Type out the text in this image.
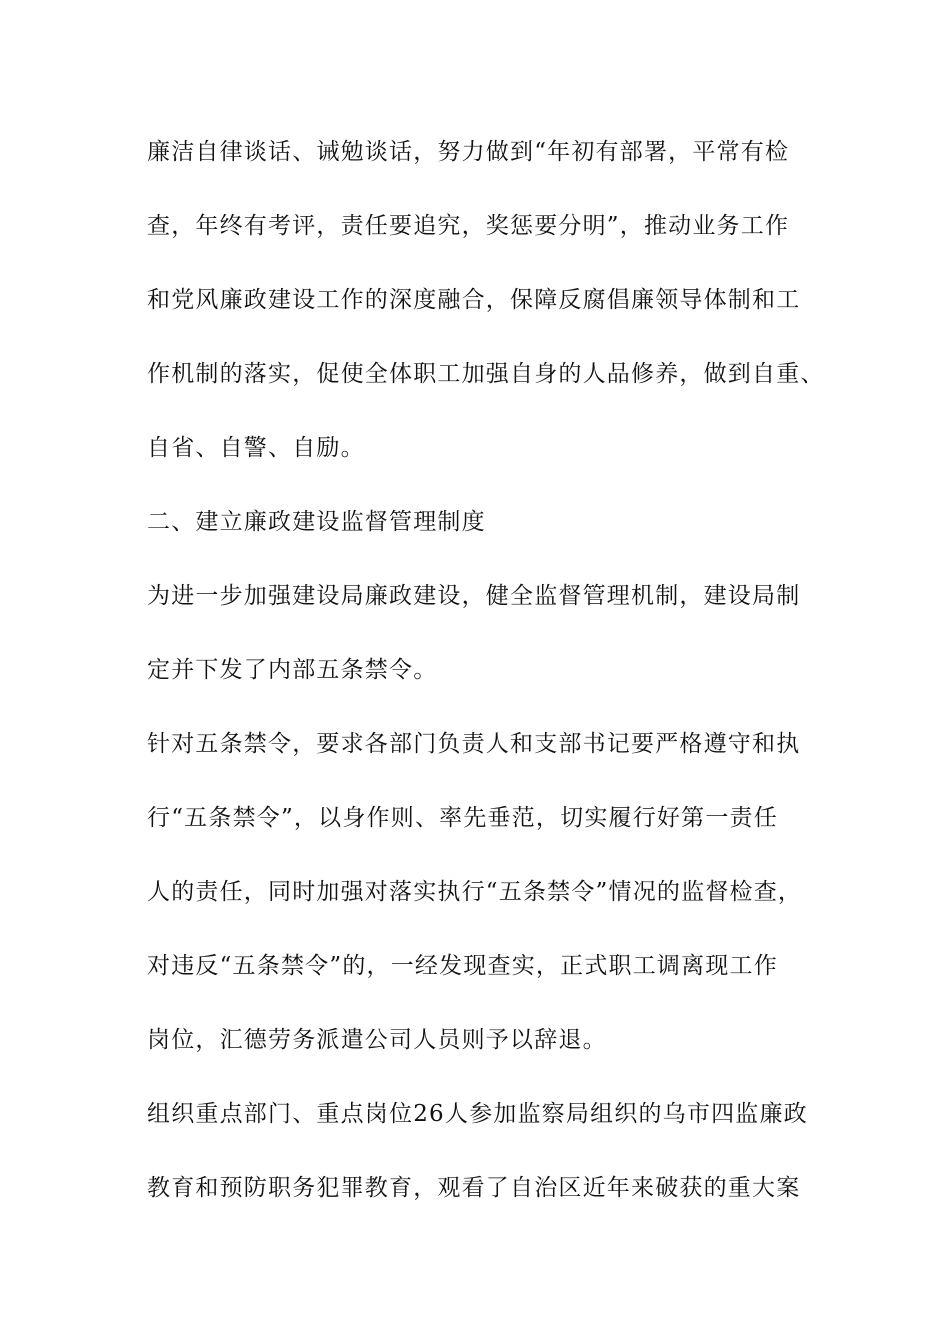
廉洁自律谈话、诫勉谈话，努力做到“年初有部署，平常有检
查，年终有考评，责任要追究，奖惩要分明”，推动业务工作
和党风廉政建设工作的深度融合，保障反腐倡廉领导体制和工
作机制的落实，促使全体职工加强自身的人品修养，做到自重、
自省、自警、自励。
二、建立廉政建设监督管理制度
为进一步加强建设局廉政建设，健全监督管理机制，建设局制
定并下发了内部五条禁令。
针对五条禁令，要求各部门负责人和支部书记要严格遵守和执
行“五条禁令”，以身作则、率先垂范，切实履行好第一责任
人的责任，同时加强对落实执行“五条禁令”情况的监督检查，
对违反“五条禁令”的，一经发现查实，正式职工调离现工作
岗位，汇德劳务派遣公司人员则予以辞退。
组织重点部门、重点岗位26人参加监察局组织的乌市四监廉政
教育和预防职务犯罪教育，观看了自治区近年来破获的重大案
